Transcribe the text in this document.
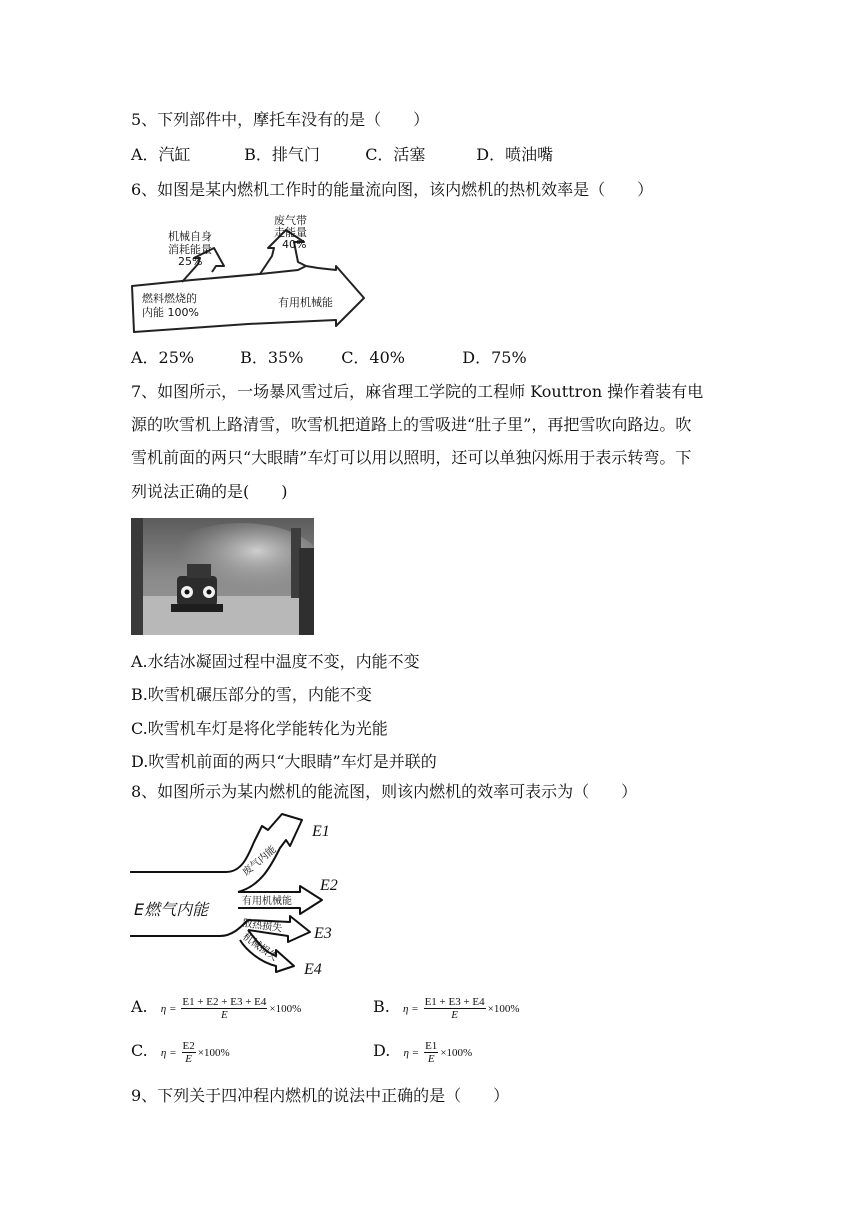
5、下列部件中，摩托车没有的是（　　）
A．汽缸	B．排气门	C．活塞	D．喷油嘴
6、如图是某内燃机工作时的能量流向图，该内燃机的热机效率是（　　）
机械自身
消耗能量
25%
废气带
走能量
40%
燃料燃烧的
内能 100%
有用机械能
A．25%	B．35% C．40%	D．75%
7、如图所示，一场暴风雪过后，麻省理工学院的工程师 Kouttron 操作着装有电
源的吹雪机上路清雪，吹雪机把道路上的雪吸进“肚子里”，再把雪吹向路边。吹
雪机前面的两只“大眼睛”车灯可以用以照明，还可以单独闪烁用于表示转弯。下
列说法正确的是(　　)
A.水结冰凝固过程中温度不变，内能不变
B.吹雪机碾压部分的雪，内能不变
C.吹雪机车灯是将化学能转化为光能
D.吹雪机前面的两只“大眼睛”车灯是并联的
8、如图所示为某内燃机的能流图，则该内燃机的效率可表示为（　　）
E燃气内能
废气内能
有用机械能
散热损失
机械损失
E1
E2
E3
E4
A. $\eta = \frac{E1 + E2 + E3 + E4}{E} \times 100\%$	B. $\eta = \frac{E1 + E3 + E4}{E} \times 100\%$
C. $\eta = \frac{E2}{E} \times 100\%$	D. $\eta = \frac{E1}{E} \times 100\%$
9、下列关于四冲程内燃机的说法中正确的是（　　）
